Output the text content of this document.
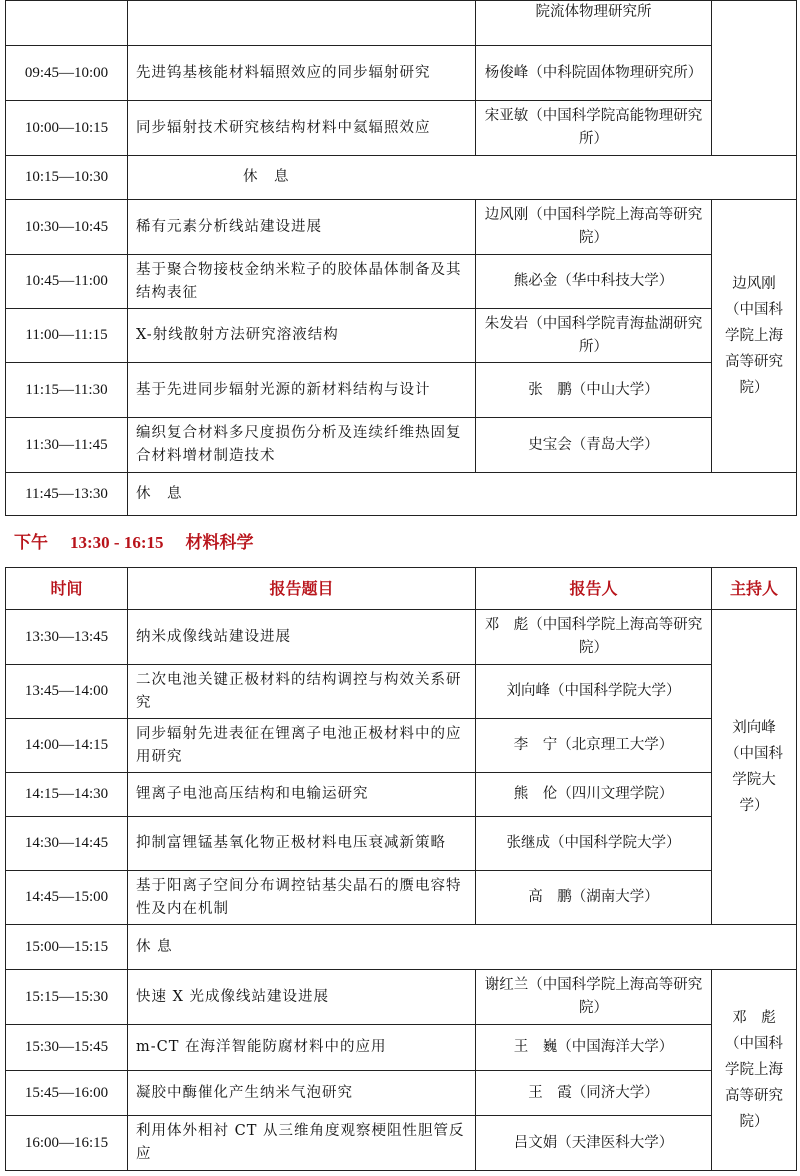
		院流体物理研究所	
09:45—10:00	先进钨基核能材料辐照效应的同步辐射研究	杨俊峰（中科院固体物理研究所）	
10:00—10:15	同步辐射技术研究核结构材料中氦辐照效应	宋亚敏（中国科学院高能物理研究所）	
10:15—10:30	休　息		
10:30—10:45	稀有元素分析线站建设进展	边风刚（中国科学院上海高等研究院）	边风刚（中国科学院上海高等研究院）
10:45—11:00	基于聚合物接枝金纳米粒子的胶体晶体制备及其结构表征	熊必金（华中科技大学）	
11:00—11:15	X-射线散射方法研究溶液结构	朱发岩（中国科学院青海盐湖研究所）	
11:15—11:30	基于先进同步辐射光源的新材料结构与设计	张　鹏（中山大学）	
11:30—11:45	编织复合材料多尺度损伤分析及连续纤维热固复合材料增材制造技术	史宝会（青岛大学）	
11:45—13:30	休　息		
下午 13:30 - 16:15 材料科学
时间	报告题目	报告人	主持人
13:30—13:45	纳米成像线站建设进展	邓　彪（中国科学院上海高等研究院）	刘向峰（中国科学院大学）
13:45—14:00	二次电池关键正极材料的结构调控与构效关系研究	刘向峰（中国科学院大学）	
14:00—14:15	同步辐射先进表征在锂离子电池正极材料中的应用研究	李　宁（北京理工大学）	
14:15—14:30	锂离子电池高压结构和电输运研究	熊　伦（四川文理学院）	
14:30—14:45	抑制富锂锰基氧化物正极材料电压衰减新策略	张继成（中国科学院大学）	
14:45—15:00	基于阳离子空间分布调控钴基尖晶石的赝电容特性及内在机制	高　鹏（湖南大学）	
15:00—15:15	休 息		
15:15—15:30	快速 X 光成像线站建设进展	谢红兰（中国科学院上海高等研究院）	邓　彪（中国科学院上海高等研究院）
15:30—15:45	m-CT 在海洋智能防腐材料中的应用	王　巍（中国海洋大学）	
15:45—16:00	凝胶中酶催化产生纳米气泡研究	王　霞（同济大学）	
16:00—16:15	利用体外相衬 CT 从三维角度观察梗阻性胆管反应	吕文娟（天津医科大学）	
